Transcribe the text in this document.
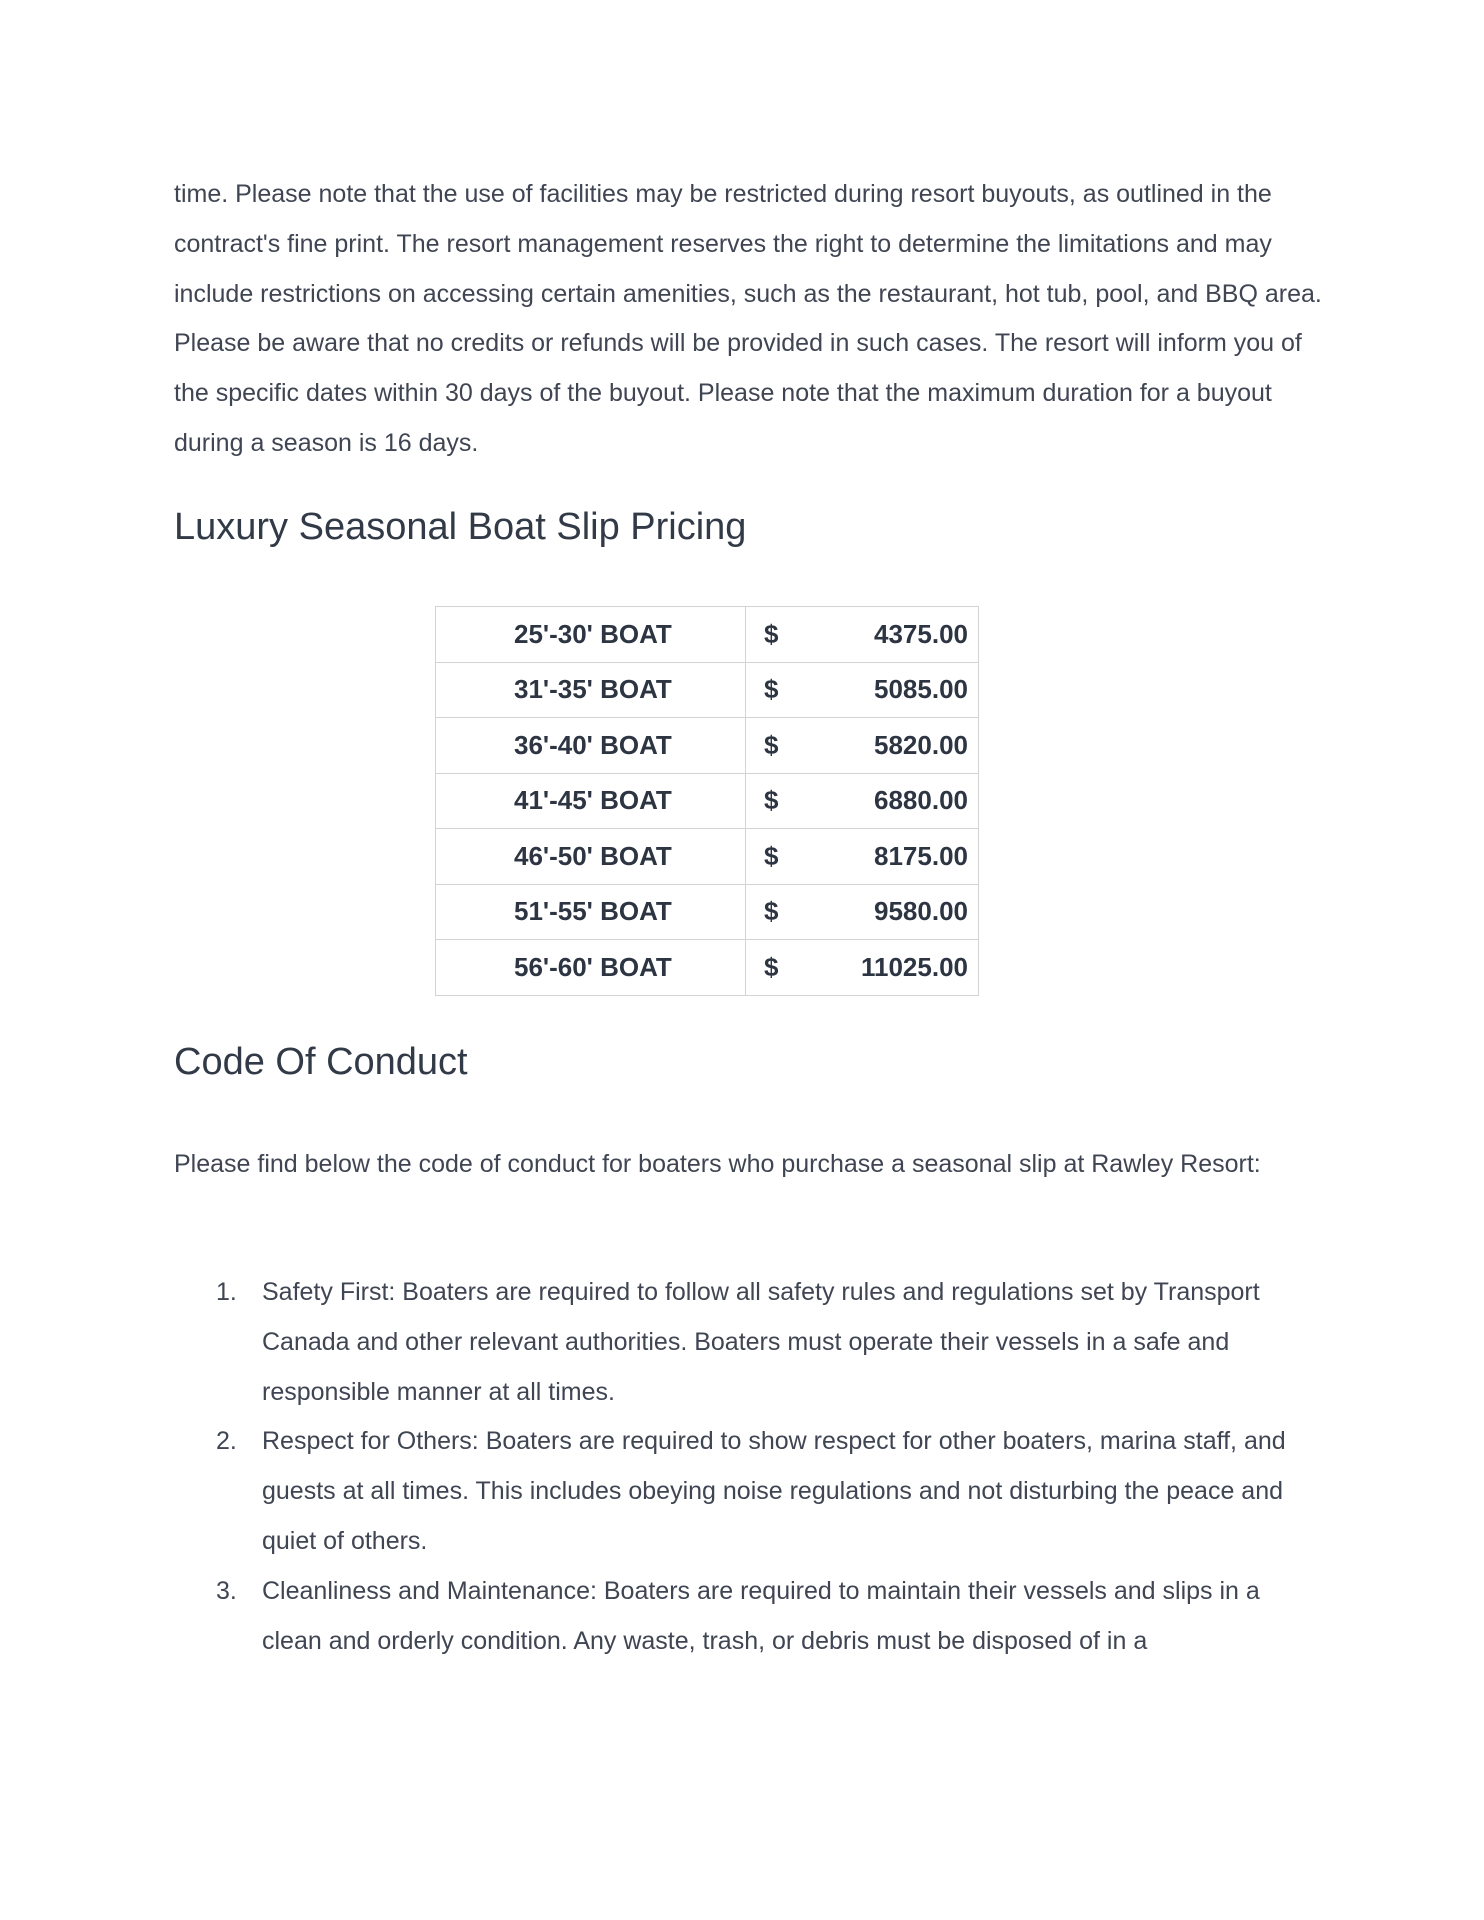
time. Please note that the use of facilities may be restricted during resort buyouts, as outlined in the contract's fine print. The resort management reserves the right to determine the limitations and may include restrictions on accessing certain amenities, such as the restaurant, hot tub, pool, and BBQ area. Please be aware that no credits or refunds will be provided in such cases. The resort will inform you of the specific dates within 30 days of the buyout. Please note that the maximum duration for a buyout during a season is 16 days.

Luxury Seasonal Boat Slip Pricing
25'-30' BOAT	$	4375.00
31'-35' BOAT	$	5085.00
36'-40' BOAT	$	5820.00
41'-45' BOAT	$	6880.00
46'-50' BOAT	$	8175.00
51'-55' BOAT	$	9580.00
56'-60' BOAT	$	11025.00
Code Of Conduct

Please find below the code of conduct for boaters who purchase a seasonal slip at Rawley Resort:

1. Safety First: Boaters are required to follow all safety rules and regulations set by Transport Canada and other relevant authorities. Boaters must operate their vessels in a safe and responsible manner at all times.
2. Respect for Others: Boaters are required to show respect for other boaters, marina staff, and guests at all times. This includes obeying noise regulations and not disturbing the peace and quiet of others.
3. Cleanliness and Maintenance: Boaters are required to maintain their vessels and slips in a clean and orderly condition. Any waste, trash, or debris must be disposed of in a
